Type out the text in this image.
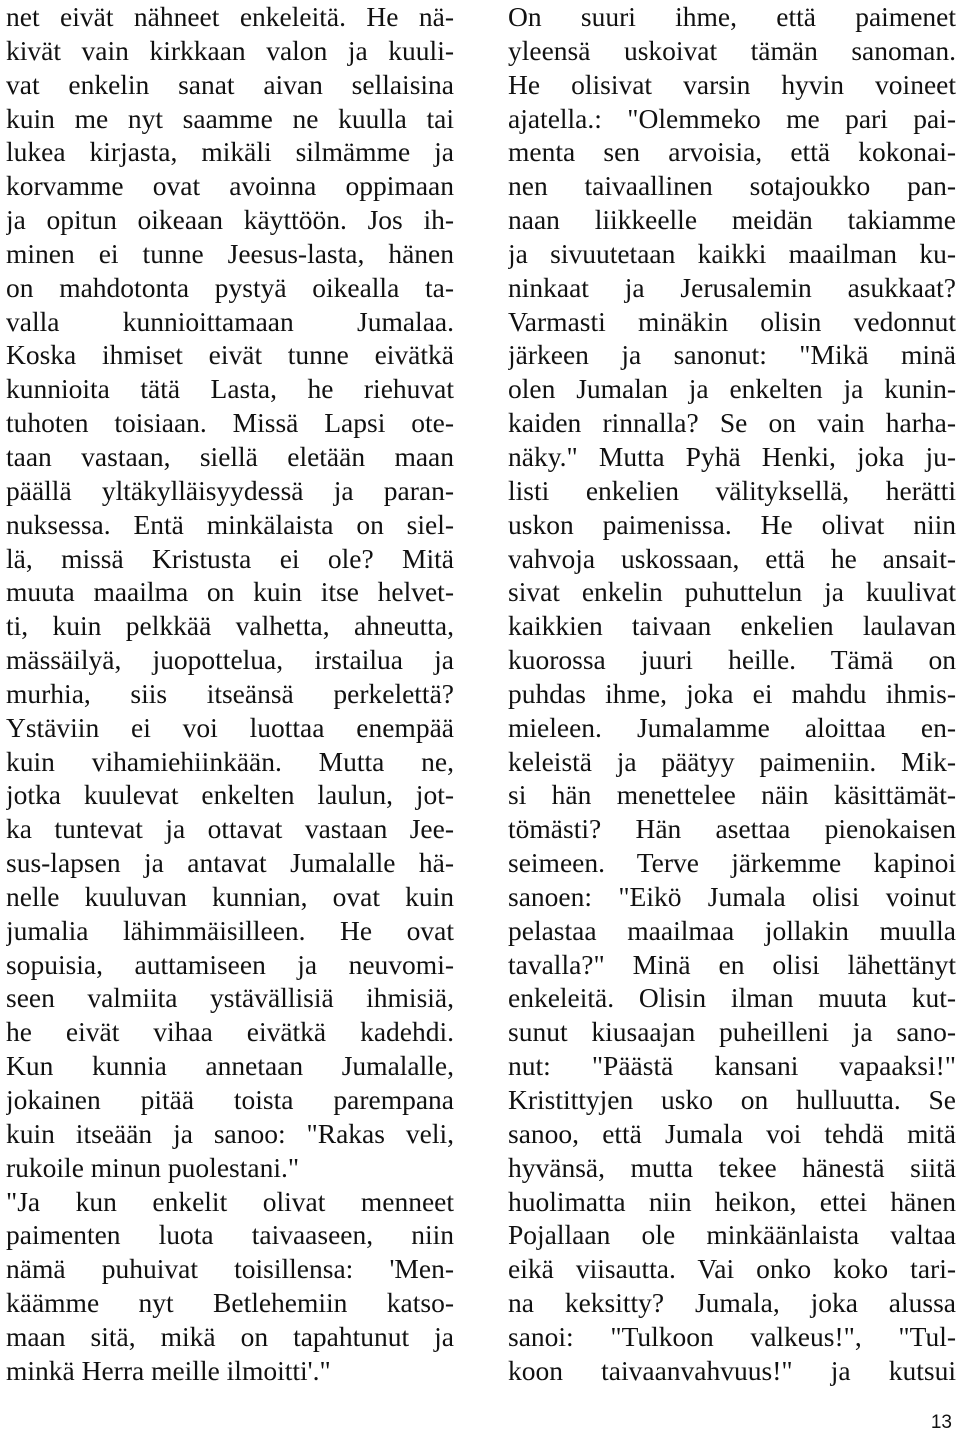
net eivät nähneet enkeleitä. He nä-
kivät vain kirkkaan valon ja kuuli-
vat enkelin sanat aivan sellaisina
kuin me nyt saamme ne kuulla tai
lukea kirjasta, mikäli silmämme ja
korvamme ovat avoinna oppimaan
ja opitun oikeaan käyttöön. Jos ih-
minen ei tunne Jeesus-lasta, hänen
on mahdotonta pystyä oikealla ta-
valla kunnioittamaan Jumalaa.
Koska ihmiset eivät tunne eivätkä
kunnioita tätä Lasta, he riehuvat
tuhoten toisiaan. Missä Lapsi ote-
taan vastaan, siellä eletään maan
päällä yltäkylläisyydessä ja paran-
nuksessa. Entä minkälaista on siel-
lä, missä Kristusta ei ole? Mitä
muuta maailma on kuin itse helvet-
ti, kuin pelkkää valhetta, ahneutta,
mässäilyä, juopottelua, irstailua ja
murhia, siis itseänsä perkelettä?
Ystäviin ei voi luottaa enempää
kuin vihamiehiinkään. Mutta ne,
jotka kuulevat enkelten laulun, jot-
ka tuntevat ja ottavat vastaan Jee-
sus-lapsen ja antavat Jumalalle hä-
nelle kuuluvan kunnian, ovat kuin
jumalia lähimmäisilleen. He ovat
sopuisia, auttamiseen ja neuvomi-
seen valmiita ystävällisiä ihmisiä,
he eivät vihaa eivätkä kadehdi.
Kun kunnia annetaan Jumalalle,
jokainen pitää toista parempana
kuin itseään ja sanoo: "Rakas veli,
rukoile minun puolestani."
"Ja kun enkelit olivat menneet
paimenten luota taivaaseen, niin
nämä puhuivat toisillensa: 'Men-
käämme nyt Betlehemiin katso-
maan sitä, mikä on tapahtunut ja
minkä Herra meille ilmoitti'."
On suuri ihme, että paimenet
yleensä uskoivat tämän sanoman.
He olisivat varsin hyvin voineet
ajatella.: "Olemmeko me pari pai-
menta sen arvoisia, että kokonai-
nen taivaallinen sotajoukko pan-
naan liikkeelle meidän takiamme
ja sivuutetaan kaikki maailman ku-
ninkaat ja Jerusalemin asukkaat?
Varmasti minäkin olisin vedonnut
järkeen ja sanonut: "Mikä minä
olen Jumalan ja enkelten ja kunin-
kaiden rinnalla? Se on vain harha-
näky." Mutta Pyhä Henki, joka ju-
listi enkelien välityksellä, herätti
uskon paimenissa. He olivat niin
vahvoja uskossaan, että he ansait-
sivat enkelin puhuttelun ja kuulivat
kaikkien taivaan enkelien laulavan
kuorossa juuri heille. Tämä on
puhdas ihme, joka ei mahdu ihmis-
mieleen. Jumalamme aloittaa en-
keleistä ja päätyy paimeniin. Mik-
si hän menettelee näin käsittämät-
tömästi? Hän asettaa pienokaisen
seimeen. Terve järkemme kapinoi
sanoen: "Eikö Jumala olisi voinut
pelastaa maailmaa jollakin muulla
tavalla?" Minä en olisi lähettänyt
enkeleitä. Olisin ilman muuta kut-
sunut kiusaajan puheilleni ja sano-
nut: "Päästä kansani vapaaksi!"
Kristittyjen usko on hulluutta. Se
sanoo, että Jumala voi tehdä mitä
hyvänsä, mutta tekee hänestä siitä
huolimatta niin heikon, ettei hänen
Pojallaan ole minkäänlaista valtaa
eikä viisautta. Vai onko koko tari-
na keksitty? Jumala, joka alussa
sanoi: "Tulkoon valkeus!", "Tul-
koon taivaanvahvuus!" ja kutsui
13
